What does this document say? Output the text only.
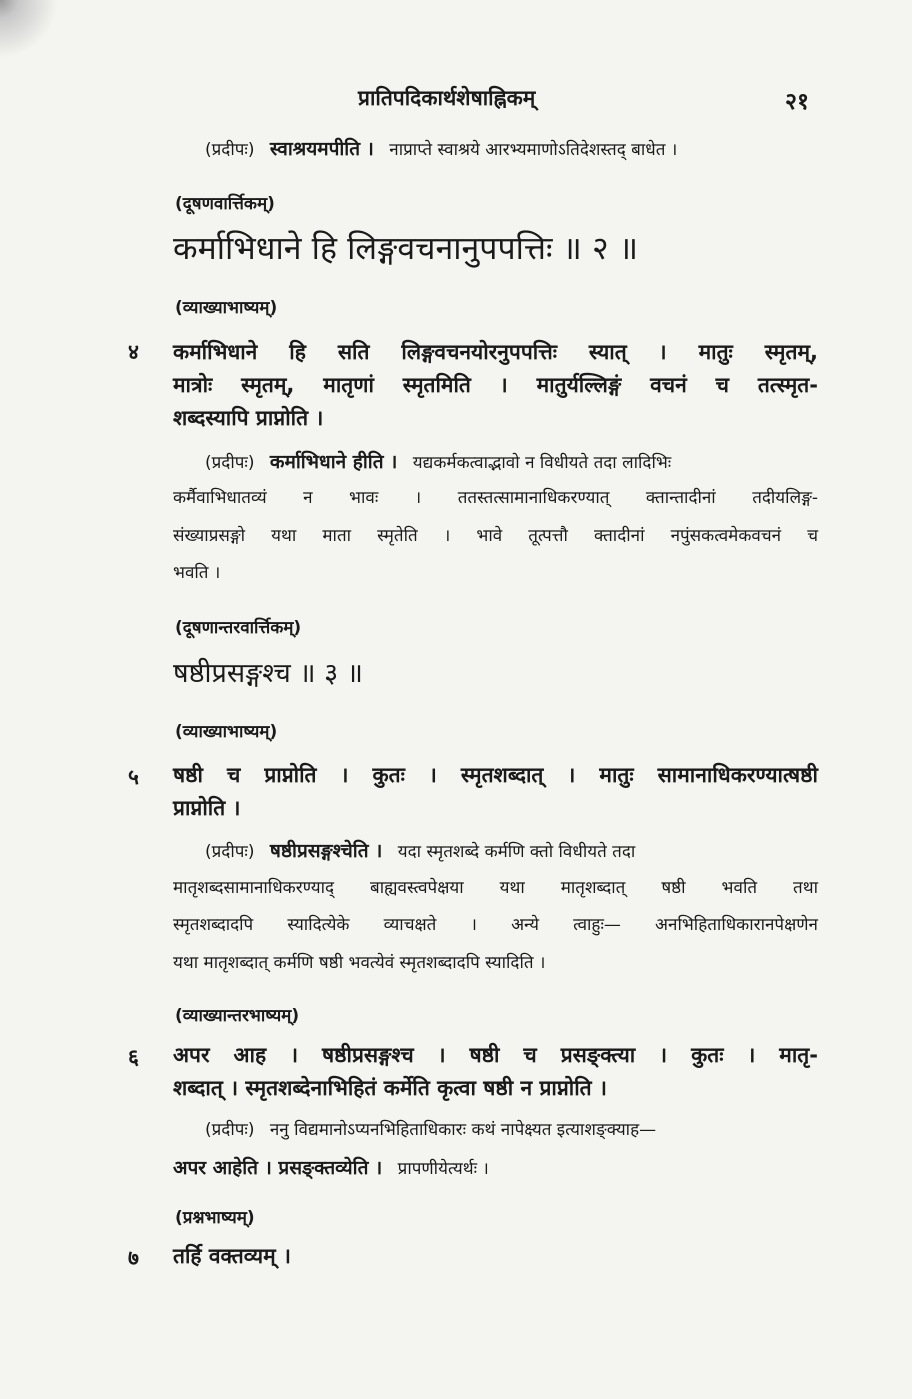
प्रातिपदिकार्थशेषाह्निकम्	२१
(प्रदीपः) स्वाश्रयमपीति । नाप्राप्ते स्वाश्रये आरभ्यमाणोऽतिदेशस्तद् बाधेत ।
(दूषणवार्त्तिकम्)
कर्माभिधाने हि लिङ्गवचनानुपपत्तिः ॥ २ ॥
(व्याख्याभाष्यम्)
४ कर्माभिधाने हि सति लिङ्गवचनयोरनुपपत्तिः स्यात् । मातुः स्मृतम्,
मात्रोः स्मृतम्, मातृणां स्मृतमिति । मातुर्यल्लिङ्गं वचनं च तत्स्मृत-
शब्दस्यापि प्राप्नोति ।
(प्रदीपः) कर्माभिधाने हीति । यद्यकर्मकत्वाद्भावो न विधीयते तदा लादिभिः
कर्मैवाभिधातव्यं न भावः । ततस्तत्सामानाधिकरण्यात् क्तान्तादीनां तदीयलिङ्ग-
संख्याप्रसङ्गो यथा माता स्मृतेति । भावे तूत्पत्तौ क्तादीनां नपुंसकत्वमेकवचनं च
भवति ।
(दूषणान्तरवार्त्तिकम्)
षष्ठीप्रसङ्गश्च ॥ ३ ॥
(व्याख्याभाष्यम्)
५ षष्ठी च प्राप्नोति । कुतः । स्मृतशब्दात् । मातुः सामानाधिकरण्यात्षष्ठी
प्राप्नोति ।
(प्रदीपः) षष्ठीप्रसङ्गश्चेति । यदा स्मृतशब्दे कर्मणि क्तो विधीयते तदा
मातृशब्दसामानाधिकरण्याद् बाह्यवस्त्वपेक्षया यथा मातृशब्दात् षष्ठी भवति तथा
स्मृतशब्दादपि स्यादित्येके व्याचक्षते । अन्ये त्वाहुः— अनभिहिताधिकारानपेक्षणेन
यथा मातृशब्दात् कर्मणि षष्ठी भवत्येवं स्मृतशब्दादपि स्यादिति ।
(व्याख्यान्तरभाष्यम्)
६ अपर आह । षष्ठीप्रसङ्गश्च । षष्ठी च प्रसङ्क्त्या । कुतः । मातृ-
शब्दात् । स्मृतशब्देनाभिहितं कर्मेति कृत्वा षष्ठी न प्राप्नोति ।
(प्रदीपः) ननु विद्यमानोऽप्यनभिहिताधिकारः कथं नापेक्ष्यत इत्याशङ्क्याह—
अपर आहेति । प्रसङ्क्तव्येति । प्रापणीयेत्यर्थः ।
(प्रश्नभाष्यम्)
७ तर्हि वक्तव्यम् ।
